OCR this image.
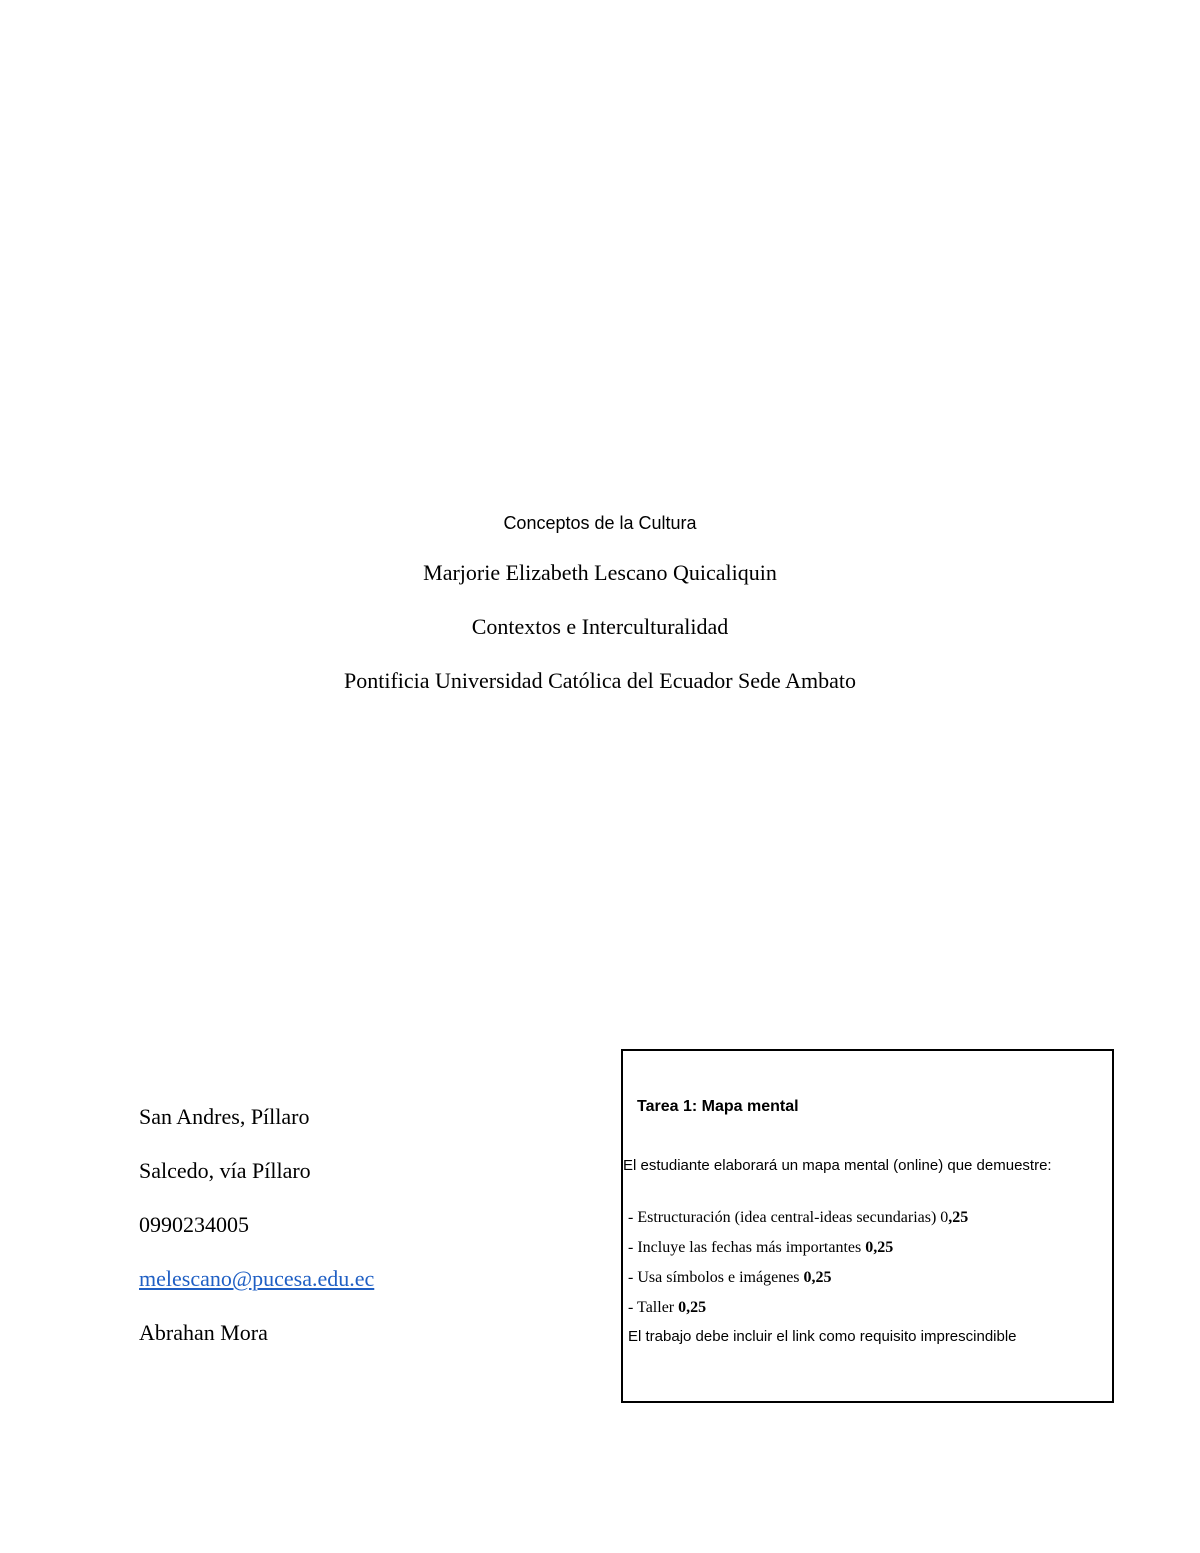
Conceptos de la Cultura

Marjorie Elizabeth Lescano Quicaliquin

Contextos e Interculturalidad

Pontificia Universidad Católica del Ecuador Sede Ambato

San Andres, Píllaro
Salcedo, vía Píllaro
0990234005
melescano@pucesa.edu.ec
Abrahan Mora
Tarea 1: Mapa mental
El estudiante elaborará un mapa mental (online) que demuestre:
- Estructuración (idea central-ideas secundarias) 0,25
- Incluye las fechas más importantes 0,25
- Usa símbolos e imágenes 0,25
- Taller 0,25
El trabajo debe incluir el link como requisito imprescindible
